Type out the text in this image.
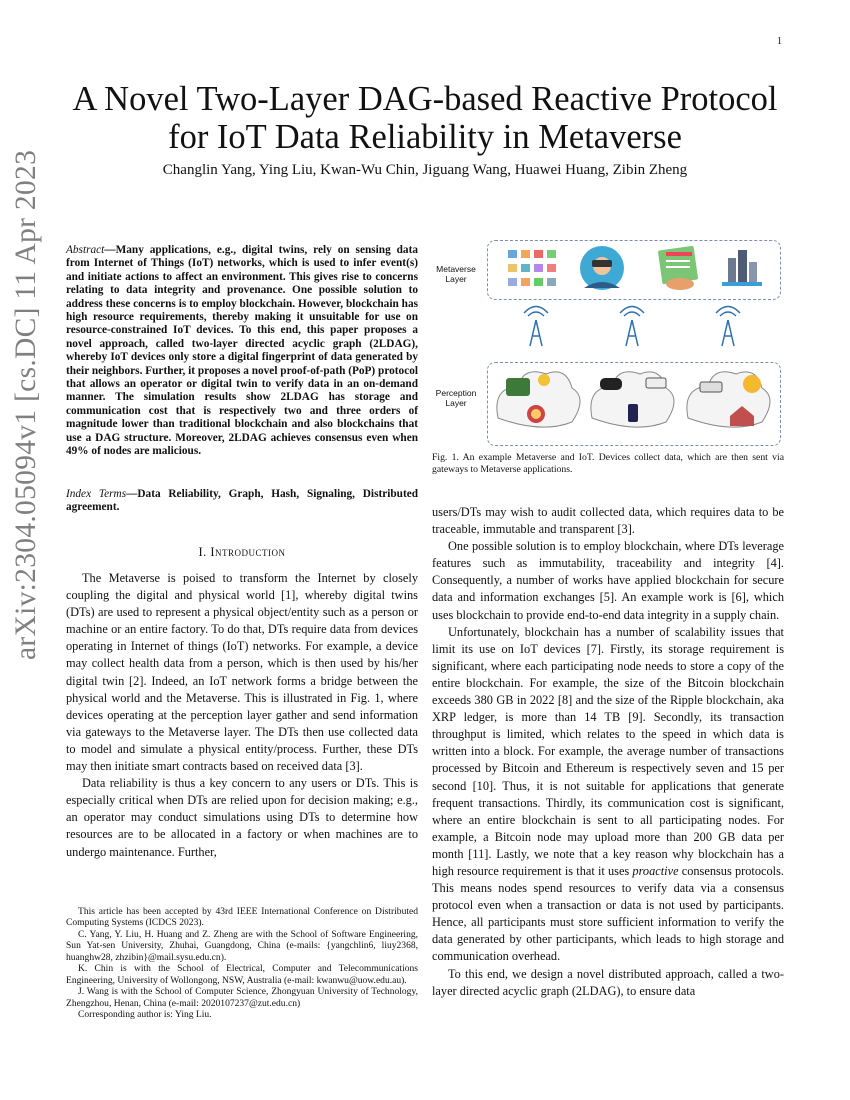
1
arXiv:2304.05094v1 [cs.DC] 11 Apr 2023
A Novel Two-Layer DAG-based Reactive Protocol
for IoT Data Reliability in Metaverse
Changlin Yang, Ying Liu, Kwan-Wu Chin, Jiguang Wang, Huawei Huang, Zibin Zheng
Abstract—Many applications, e.g., digital twins, rely on sensing data from Internet of Things (IoT) networks, which is used to infer event(s) and initiate actions to affect an environment. This gives rise to concerns relating to data integrity and provenance. One possible solution to address these concerns is to employ blockchain. However, blockchain has high resource requirements, thereby making it unsuitable for use on resource-constrained IoT devices. To this end, this paper proposes a novel approach, called two-layer directed acyclic graph (2LDAG), whereby IoT devices only store a digital fingerprint of data generated by their neighbors. Further, it proposes a novel proof-of-path (PoP) protocol that allows an operator or digital twin to verify data in an on-demand manner. The simulation results show 2LDAG has storage and communication cost that is respectively two and three orders of magnitude lower than traditional blockchain and also blockchains that use a DAG structure. Moreover, 2LDAG achieves consensus even when 49% of nodes are malicious.
Index Terms—Data Reliability, Graph, Hash, Signaling, Distributed agreement.
I. Introduction

The Metaverse is poised to transform the Internet by closely coupling the digital and physical world [1], whereby digital twins (DTs) are used to represent a physical object/entity such as a person or machine or an entire factory. To do that, DTs require data from devices operating in Internet of things (IoT) networks. For example, a device may collect health data from a person, which is then used by his/her digital twin [2]. Indeed, an IoT network forms a bridge between the physical world and the Metaverse. This is illustrated in Fig. 1, where devices operating at the perception layer gather and send information via gateways to the Metaverse layer. The DTs then use collected data to model and simulate a physical entity/process. Further, these DTs may then initiate smart contracts based on received data [3].

Data reliability is thus a key concern to any users or DTs. This is especially critical when DTs are relied upon for decision making; e.g., an operator may conduct simulations using DTs to determine how resources are to be allocated in a factory or when machines are to undergo maintenance. Further,

This article has been accepted by 43rd IEEE International Conference on Distributed Computing Systems (ICDCS 2023).

C. Yang, Y. Liu, H. Huang and Z. Zheng are with the School of Software Engineering, Sun Yat-sen University, Zhuhai, Guangdong, China (e-mails: {yangchlin6, liuy2368, huanghw28, zhzibin}@mail.sysu.edu.cn).

K. Chin is with the School of Electrical, Computer and Telecommunications Engineering, University of Wollongong, NSW, Australia (e-mail: kwanwu@uow.edu.au).

J. Wang is with the School of Computer Science, Zhongyuan University of Technology, Zhengzhou, Henan, China (e-mail: 2020107237@zut.edu.cn)

Corresponding author is: Ying Liu.

Metaverse Layer
Perception Layer
Fig. 1. An example Metaverse and IoT. Devices collect data, which are then sent via gateways to Metaverse applications.

users/DTs may wish to audit collected data, which requires data to be traceable, immutable and transparent [3].

One possible solution is to employ blockchain, where DTs leverage features such as immutability, traceability and integrity [4]. Consequently, a number of works have applied blockchain for secure data and information exchanges [5]. An example work is [6], which uses blockchain to provide end-to-end data integrity in a supply chain.

Unfortunately, blockchain has a number of scalability issues that limit its use on IoT devices [7]. Firstly, its storage requirement is significant, where each participating node needs to store a copy of the entire blockchain. For example, the size of the Bitcoin blockchain exceeds 380 GB in 2022 [8] and the size of the Ripple blockchain, aka XRP ledger, is more than 14 TB [9]. Secondly, its transaction throughput is limited, which relates to the speed in which data is written into a block. For example, the average number of transactions processed by Bitcoin and Ethereum is respectively seven and 15 per second [10]. Thus, it is not suitable for applications that generate frequent transactions. Thirdly, its communication cost is significant, where an entire blockchain is sent to all participating nodes. For example, a Bitcoin node may upload more than 200 GB data per month [11]. Lastly, we note that a key reason why blockchain has a high resource requirement is that it uses proactive consensus protocols. This means nodes spend resources to verify data via a consensus protocol even when a transaction or data is not used by participants. Hence, all participants must store sufficient information to verify the data generated by other participants, which leads to high storage and communication overhead.

To this end, we design a novel distributed approach, called a two-layer directed acyclic graph (2LDAG), to ensure data
